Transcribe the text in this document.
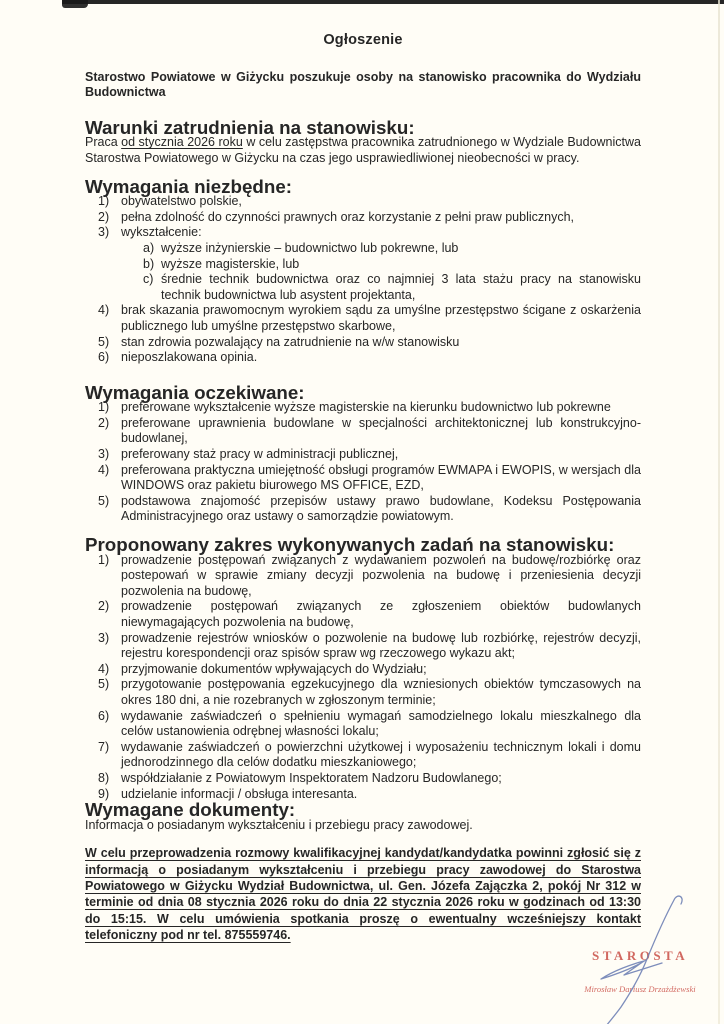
Ogłoszenie

Starostwo Powiatowe w Giżycku poszukuje osoby na stanowisko pracownika do Wydziału Budownictwa

Warunki zatrudnienia na stanowisku:

Praca od stycznia 2026 roku w celu zastępstwa pracownika zatrudnionego w Wydziale Budownictwa Starostwa Powiatowego w Giżycku na czas jego usprawiedliwionej nieobecności w pracy.

Wymagania niezbędne:
1) obywatelstwo polskie,
2) pełna zdolność do czynności prawnych oraz korzystanie z pełni praw publicznych,
3) wykształcenie:
a) wyższe inżynierskie – budownictwo lub pokrewne, lub
b) wyższe magisterskie, lub
c) średnie technik budownictwa oraz co najmniej 3 lata stażu pracy na stanowisku technik budownictwa lub asystent projektanta,
4) brak skazania prawomocnym wyrokiem sądu za umyślne przestępstwo ścigane z oskarżenia publicznego lub umyślne przestępstwo skarbowe,
5) stan zdrowia pozwalający na zatrudnienie na w/w stanowisku
6) nieposzlakowana opinia.
Wymagania oczekiwane:
1) preferowane wykształcenie wyższe magisterskie na kierunku budownictwo lub pokrewne
2) preferowane uprawnienia budowlane w specjalności architektonicznej lub konstrukcyjno-budowlanej,
3) preferowany staż pracy w administracji publicznej,
4) preferowana praktyczna umiejętność obsługi programów EWMAPA i EWOPIS, w wersjach dla WINDOWS oraz pakietu biurowego MS OFFICE, EZD,
5) podstawowa znajomość przepisów ustawy prawo budowlane, Kodeksu Postępowania Administracyjnego oraz ustawy o samorządzie powiatowym.
Proponowany zakres wykonywanych zadań na stanowisku:
1) prowadzenie postępowań związanych z wydawaniem pozwoleń na budowę/rozbiórkę oraz postepowań w sprawie zmiany decyzji pozwolenia na budowę i przeniesienia decyzji pozwolenia na budowę,
2) prowadzenie postępowań związanych ze zgłoszeniem obiektów budowlanych niewymagających pozwolenia na budowę,
3) prowadzenie rejestrów wniosków o pozwolenie na budowę lub rozbiórkę, rejestrów decyzji, rejestru korespondencji oraz spisów spraw wg rzeczowego wykazu akt;
4) przyjmowanie dokumentów wpływających do Wydziału;
5) przygotowanie postępowania egzekucyjnego dla wzniesionych obiektów tymczasowych na okres 180 dni, a nie rozebranych w zgłoszonym terminie;
6) wydawanie zaświadczeń o spełnieniu wymagań samodzielnego lokalu mieszkalnego dla celów ustanowienia odrębnej własności lokalu;
7) wydawanie zaświadczeń o powierzchni użytkowej i wyposażeniu technicznym lokali i domu jednorodzinnego dla celów dodatku mieszkaniowego;
8) współdziałanie z Powiatowym Inspektoratem Nadzoru Budowlanego;
9) udzielanie informacji / obsługa interesanta.
Wymagane dokumenty:

Informacja o posiadanym wykształceniu i przebiegu pracy zawodowej.

W celu przeprowadzenia rozmowy kwalifikacyjnej kandydat/kandydatka powinni zgłosić się z informacją o posiadanym wykształceniu i przebiegu pracy zawodowej do Starostwa Powiatowego w Giżycku Wydział Budownictwa, ul. Gen. Józefa Zajączka 2, pokój Nr 312 w terminie od dnia 08 stycznia 2026 roku do dnia 22 stycznia 2026 roku w godzinach od 13:30 do 15:15. W celu umówienia spotkania proszę o ewentualny wcześniejszy kontakt telefoniczny pod nr tel. 875559746.

STAROSTA
Mirosław Dariusz Drzażdżewski
